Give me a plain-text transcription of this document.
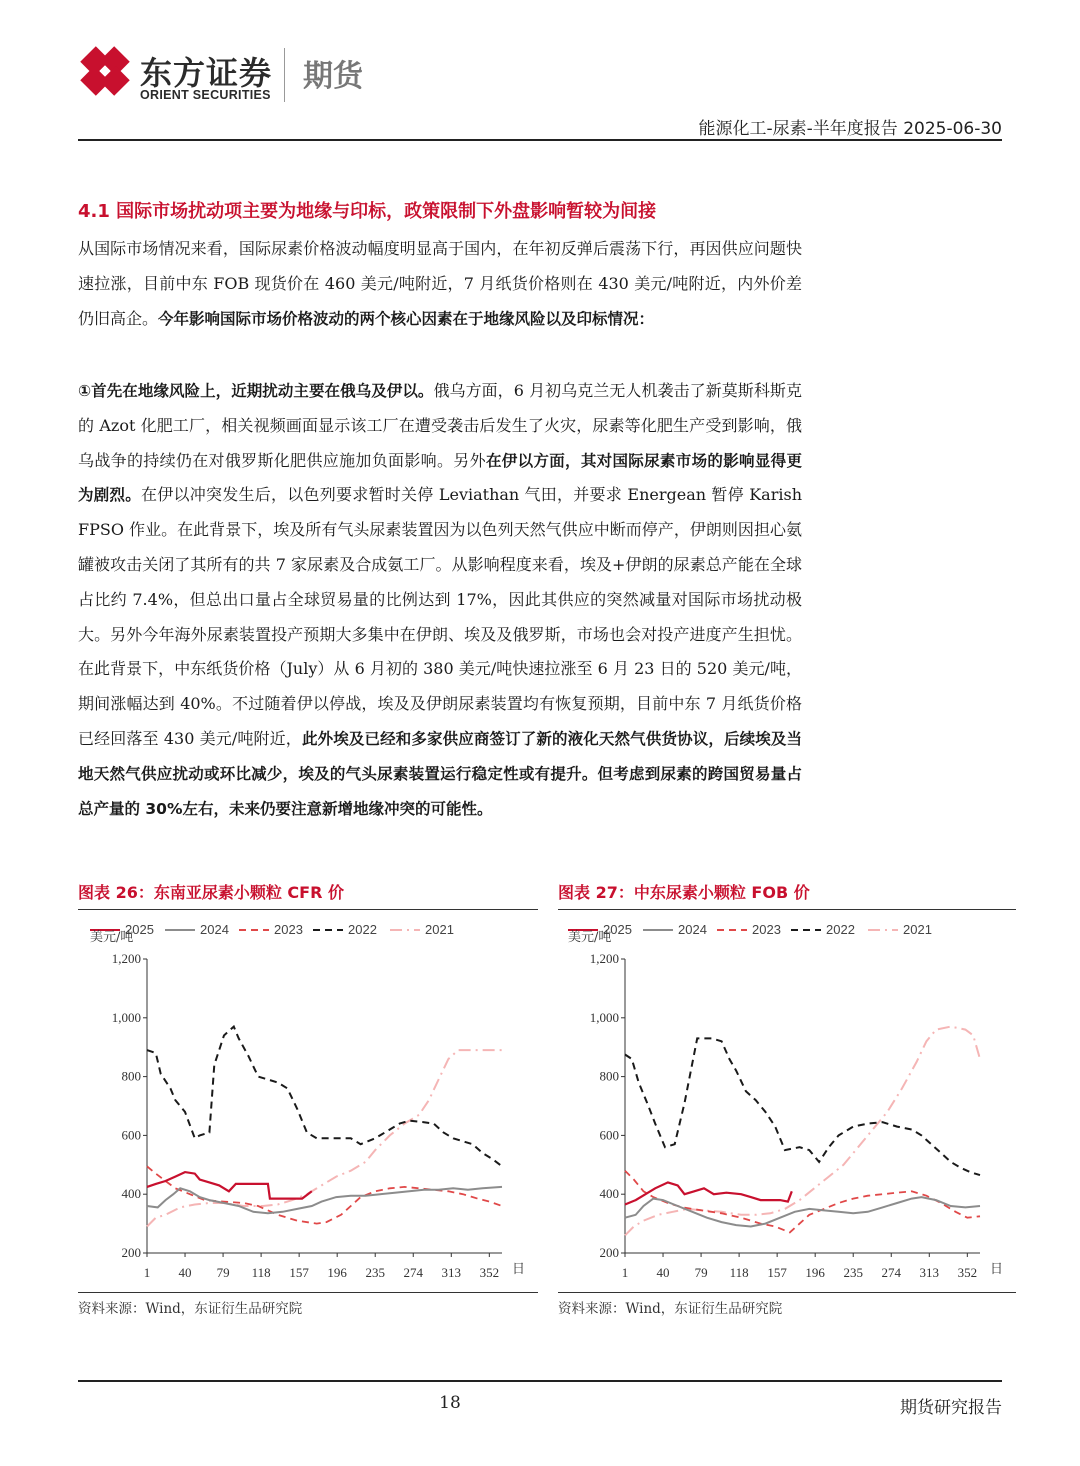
东方证券
ORIENT SECURITIES
期货
能源化工-尿素-半年度报告 2025-06-30
4.1 国际市场扰动项主要为地缘与印标，政策限制下外盘影响暂较为间接
从国际市场情况来看，国际尿素价格波动幅度明显高于国内，在年初反弹后震荡下行，再因供应问题快速拉涨，目前中东 FOB 现货价在 460 美元/吨附近，7 月纸货价格则在 430 美元/吨附近，内外价差仍旧高企。今年影响国际市场价格波动的两个核心因素在于地缘风险以及印标情况：
①首先在地缘风险上，近期扰动主要在俄乌及伊以。俄乌方面，6 月初乌克兰无人机袭击了新莫斯科斯克的 Azot 化肥工厂，相关视频画面显示该工厂在遭受袭击后发生了火灾，尿素等化肥生产受到影响，俄乌战争的持续仍在对俄罗斯化肥供应施加负面影响。另外在伊以方面，其对国际尿素市场的影响显得更为剧烈。在伊以冲突发生后，以色列要求暂时关停 Leviathan 气田，并要求 Energean 暂停 Karish FPSO 作业。在此背景下，埃及所有气头尿素装置因为以色列天然气供应中断而停产，伊朗则因担心氨罐被攻击关闭了其所有的共 7 家尿素及合成氨工厂。从影响程度来看，埃及+伊朗的尿素总产能在全球占比约 7.4%，但总出口量占全球贸易量的比例达到 17%，因此其供应的突然减量对国际市场扰动极大。另外今年海外尿素装置投产预期大多集中在伊朗、埃及及俄罗斯，市场也会对投产进度产生担忧。在此背景下，中东纸货价格（July）从 6 月初的 380 美元/吨快速拉涨至 6 月 23 日的 520 美元/吨，期间涨幅达到 40%。不过随着伊以停战，埃及及伊朗尿素装置均有恢复预期，目前中东 7 月纸货价格已经回落至 430 美元/吨附近，此外埃及已经和多家供应商签订了新的液化天然气供货协议，后续埃及当地天然气供应扰动或环比减少，埃及的气头尿素装置运行稳定性或有提升。但考虑到尿素的跨国贸易量占总产量的 30%左右，未来仍要注意新增地缘冲突的可能性。
图表 26：东南亚尿素小颗粒 CFR 价
2025	2024	2023	2022	2021
美元/吨
200
400
600
800
1,000
1,200
1 40 79 118 157 196 235 274 313 352 日
资料来源：Wind，东证衍生品研究院
图表 27：中东尿素小颗粒 FOB 价
2025	2024	2023	2022	2021
美元/吨
200
400
600
800
1,000
1,200
1 40 79 118 157 196 235 274 313 352 日
资料来源：Wind，东证衍生品研究院
18	期货研究报告
